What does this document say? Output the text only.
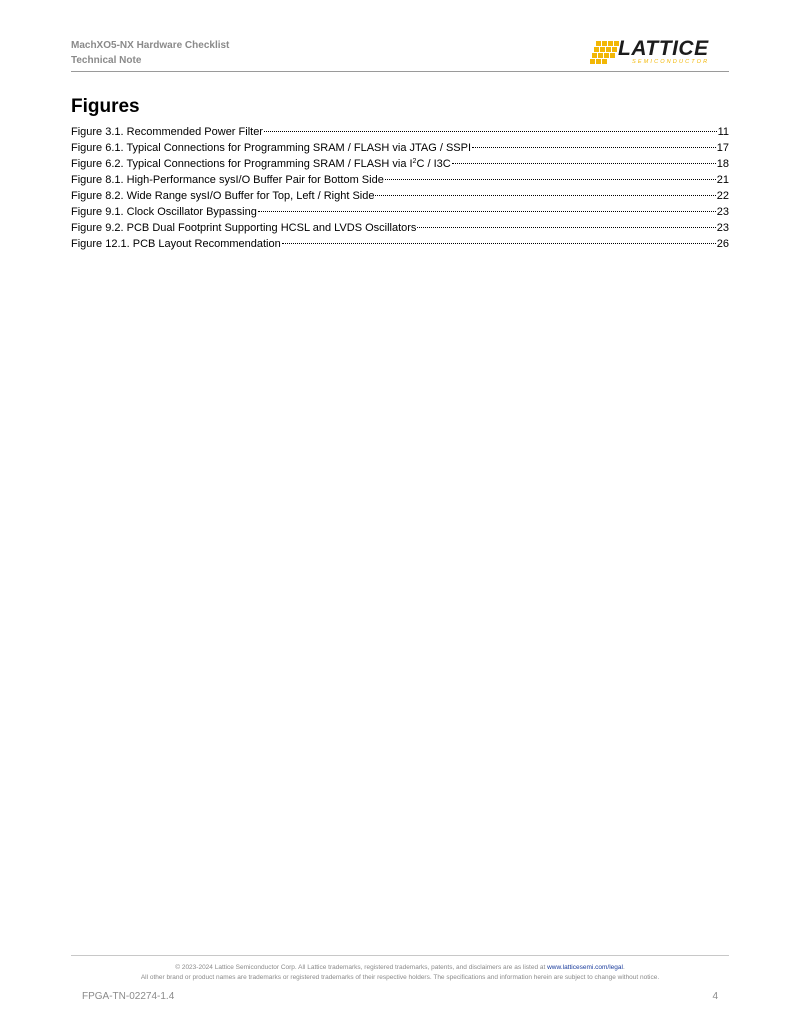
MachXO5-NX Hardware Checklist
Technical Note
LATTICE
SEMICONDUCTOR
Figures
Figure 3.1. Recommended Power Filter	11
Figure 6.1. Typical Connections for Programming SRAM / FLASH via JTAG / SSPI	17
Figure 6.2. Typical Connections for Programming SRAM / FLASH via $I^2C / I3C$	18
Figure 8.1. High-Performance sysI/O Buffer Pair for Bottom Side	21
Figure 8.2. Wide Range sysI/O Buffer for Top, Left / Right Side	22
Figure 9.1. Clock Oscillator Bypassing	23
Figure 9.2. PCB Dual Footprint Supporting HCSL and LVDS Oscillators	23
Figure 12.1. PCB Layout Recommendation	26
© 2023-2024 Lattice Semiconductor Corp. All Lattice trademarks, registered trademarks, patents, and disclaimers are as listed at www.latticesemi.com/legal.
All other brand or product names are trademarks or registered trademarks of their respective holders. The specifications and information herein are subject to change without notice.
FPGA-TN-02274-1.4	4
